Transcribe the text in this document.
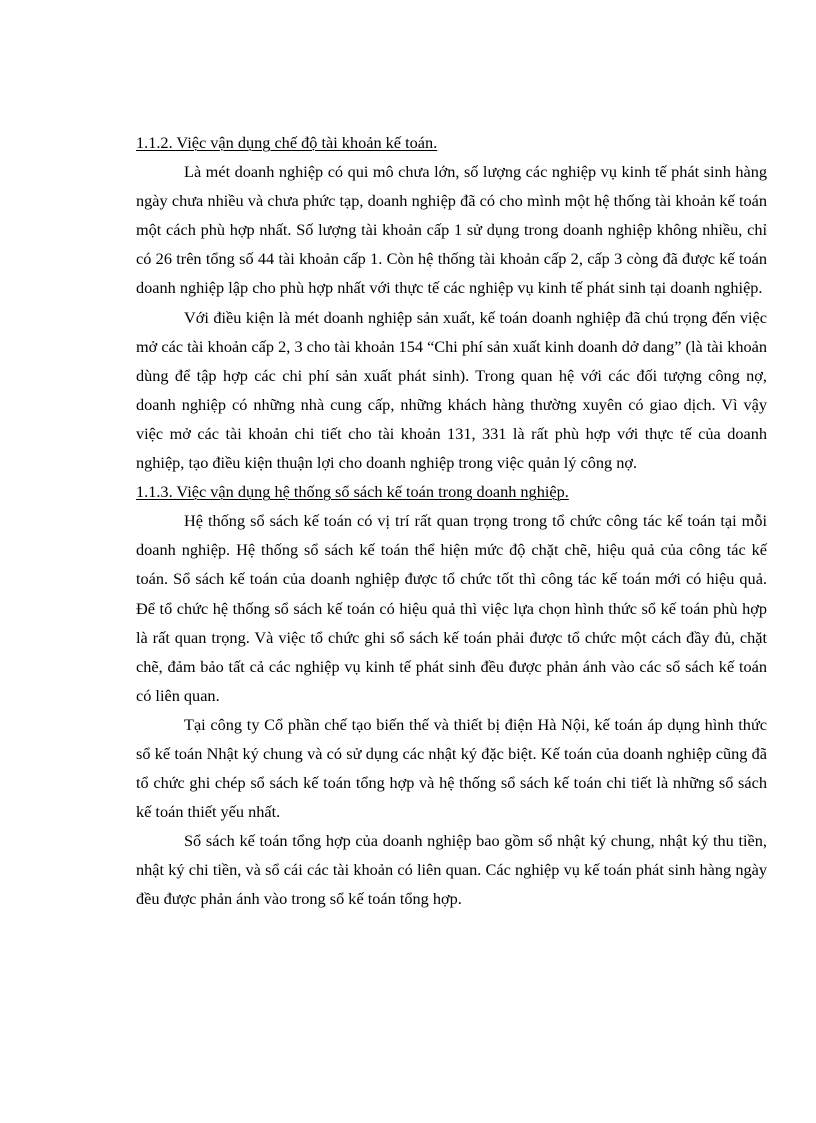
1.1.2. Việc vận dụng chế độ tài khoản kế toán.

Là mét doanh nghiệp có qui mô chưa lớn, số lượng các nghiệp vụ kinh tế phát sinh hàng ngày chưa nhiều và chưa phức tạp, doanh nghiệp đã có cho mình một hệ thống tài khoản kế toán một cách phù hợp nhất. Số lượng tài khoản cấp 1 sử dụng trong doanh nghiệp không nhiều, chỉ có 26 trên tổng số 44 tài khoản cấp 1. Còn hệ thống tài khoản cấp 2, cấp 3 còng đã được kế toán doanh nghiệp lập cho phù hợp nhất với thực tế các nghiệp vụ kinh tế phát sinh tại doanh nghiệp.

Với điều kiện là mét doanh nghiệp sản xuất, kế toán doanh nghiệp đã chú trọng đến việc mở các tài khoản cấp 2, 3 cho tài khoản 154 “Chi phí sản xuất kinh doanh dở dang” (là tài khoản dùng để tập hợp các chi phí sản xuất phát sinh). Trong quan hệ với các đối tượng công nợ, doanh nghiệp có những nhà cung cấp, những khách hàng thường xuyên có giao dịch. Vì vậy việc mở các tài khoản chi tiết cho tài khoản 131, 331 là rất phù hợp với thực tế của doanh nghiệp, tạo điều kiện thuận lợi cho doanh nghiệp trong việc quản lý công nợ.

1.1.3. Việc vận dụng hệ thống sổ sách kế toán trong doanh nghiệp.

Hệ thống sổ sách kế toán có vị trí rất quan trọng trong tổ chức công tác kế toán tại mỗi doanh nghiệp. Hệ thống sổ sách kế toán thể hiện mức độ chặt chẽ, hiệu quả của công tác kế toán. Sổ sách kế toán của doanh nghiệp được tổ chức tốt thì công tác kế toán mới có hiệu quả. Để tổ chức hệ thống sổ sách kế toán có hiệu quả thì việc lựa chọn hình thức sổ kế toán phù hợp là rất quan trọng. Và việc tổ chức ghi sổ sách kế toán phải được tổ chức một cách đầy đủ, chặt chẽ, đảm bảo tất cả các nghiệp vụ kinh tế phát sinh đều được phản ánh vào các sổ sách kế toán có liên quan.

Tại công ty Cổ phần chế tạo biến thế và thiết bị điện Hà Nội, kế toán áp dụng hình thức sổ kế toán Nhật ký chung và có sử dụng các nhật ký đặc biệt. Kế toán của doanh nghiệp cũng đã tổ chức ghi chép sổ sách kế toán tổng hợp và hệ thống sổ sách kế toán chi tiết là những sổ sách kế toán thiết yếu nhất.

Sổ sách kế toán tổng hợp của doanh nghiệp bao gồm sổ nhật ký chung, nhật ký thu tiền, nhật ký chi tiền, và sổ cái các tài khoản có liên quan. Các nghiệp vụ kế toán phát sinh hàng ngày đều được phản ánh vào trong sổ kế toán tổng hợp.
